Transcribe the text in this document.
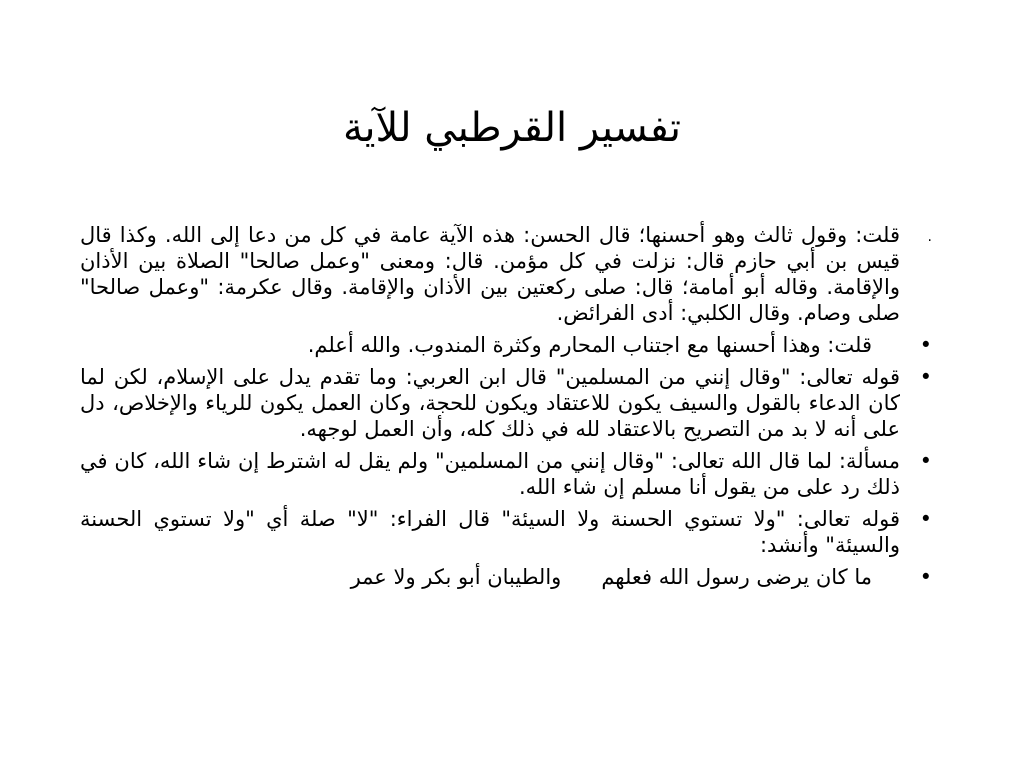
تفسير القرطبي للآية
.
قلت: وقول ثالث وهو أحسنها؛ قال الحسن: هذه الآية عامة في كل من دعا إلى الله. وكذا قال قيس بن أبي حازم قال: نزلت في كل مؤمن. قال: ومعنى "وعمل صالحا" الصلاة بين الأذان والإقامة. وقاله أبو أمامة؛ قال: صلى ركعتين بين الأذان والإقامة. وقال عكرمة: "وعمل صالحا" صلى وصام. وقال الكلبي: أدى الفرائض.
•
قلت: وهذا أحسنها مع اجتناب المحارم وكثرة المندوب. والله أعلم.
•
قوله تعالى: "وقال إنني من المسلمين" قال ابن العربي: وما تقدم يدل على الإسلام، لكن لما كان الدعاء بالقول والسيف يكون للاعتقاد ويكون للحجة، وكان العمل يكون للرياء والإخلاص، دل على أنه لا بد من التصريح بالاعتقاد لله في ذلك كله، وأن العمل لوجهه.
•
مسألة: لما قال الله تعالى: "وقال إنني من المسلمين" ولم يقل له اشترط إن شاء الله، كان في ذلك رد على من يقول أنا مسلم إن شاء الله.
•
قوله تعالى: "ولا تستوي الحسنة ولا السيئة" قال الفراء: "لا" صلة أي "ولا تستوي الحسنة والسيئة" وأنشد:
•
ما كان يرضى رسول الله فعلهموالطيبان أبو بكر ولا عمر
